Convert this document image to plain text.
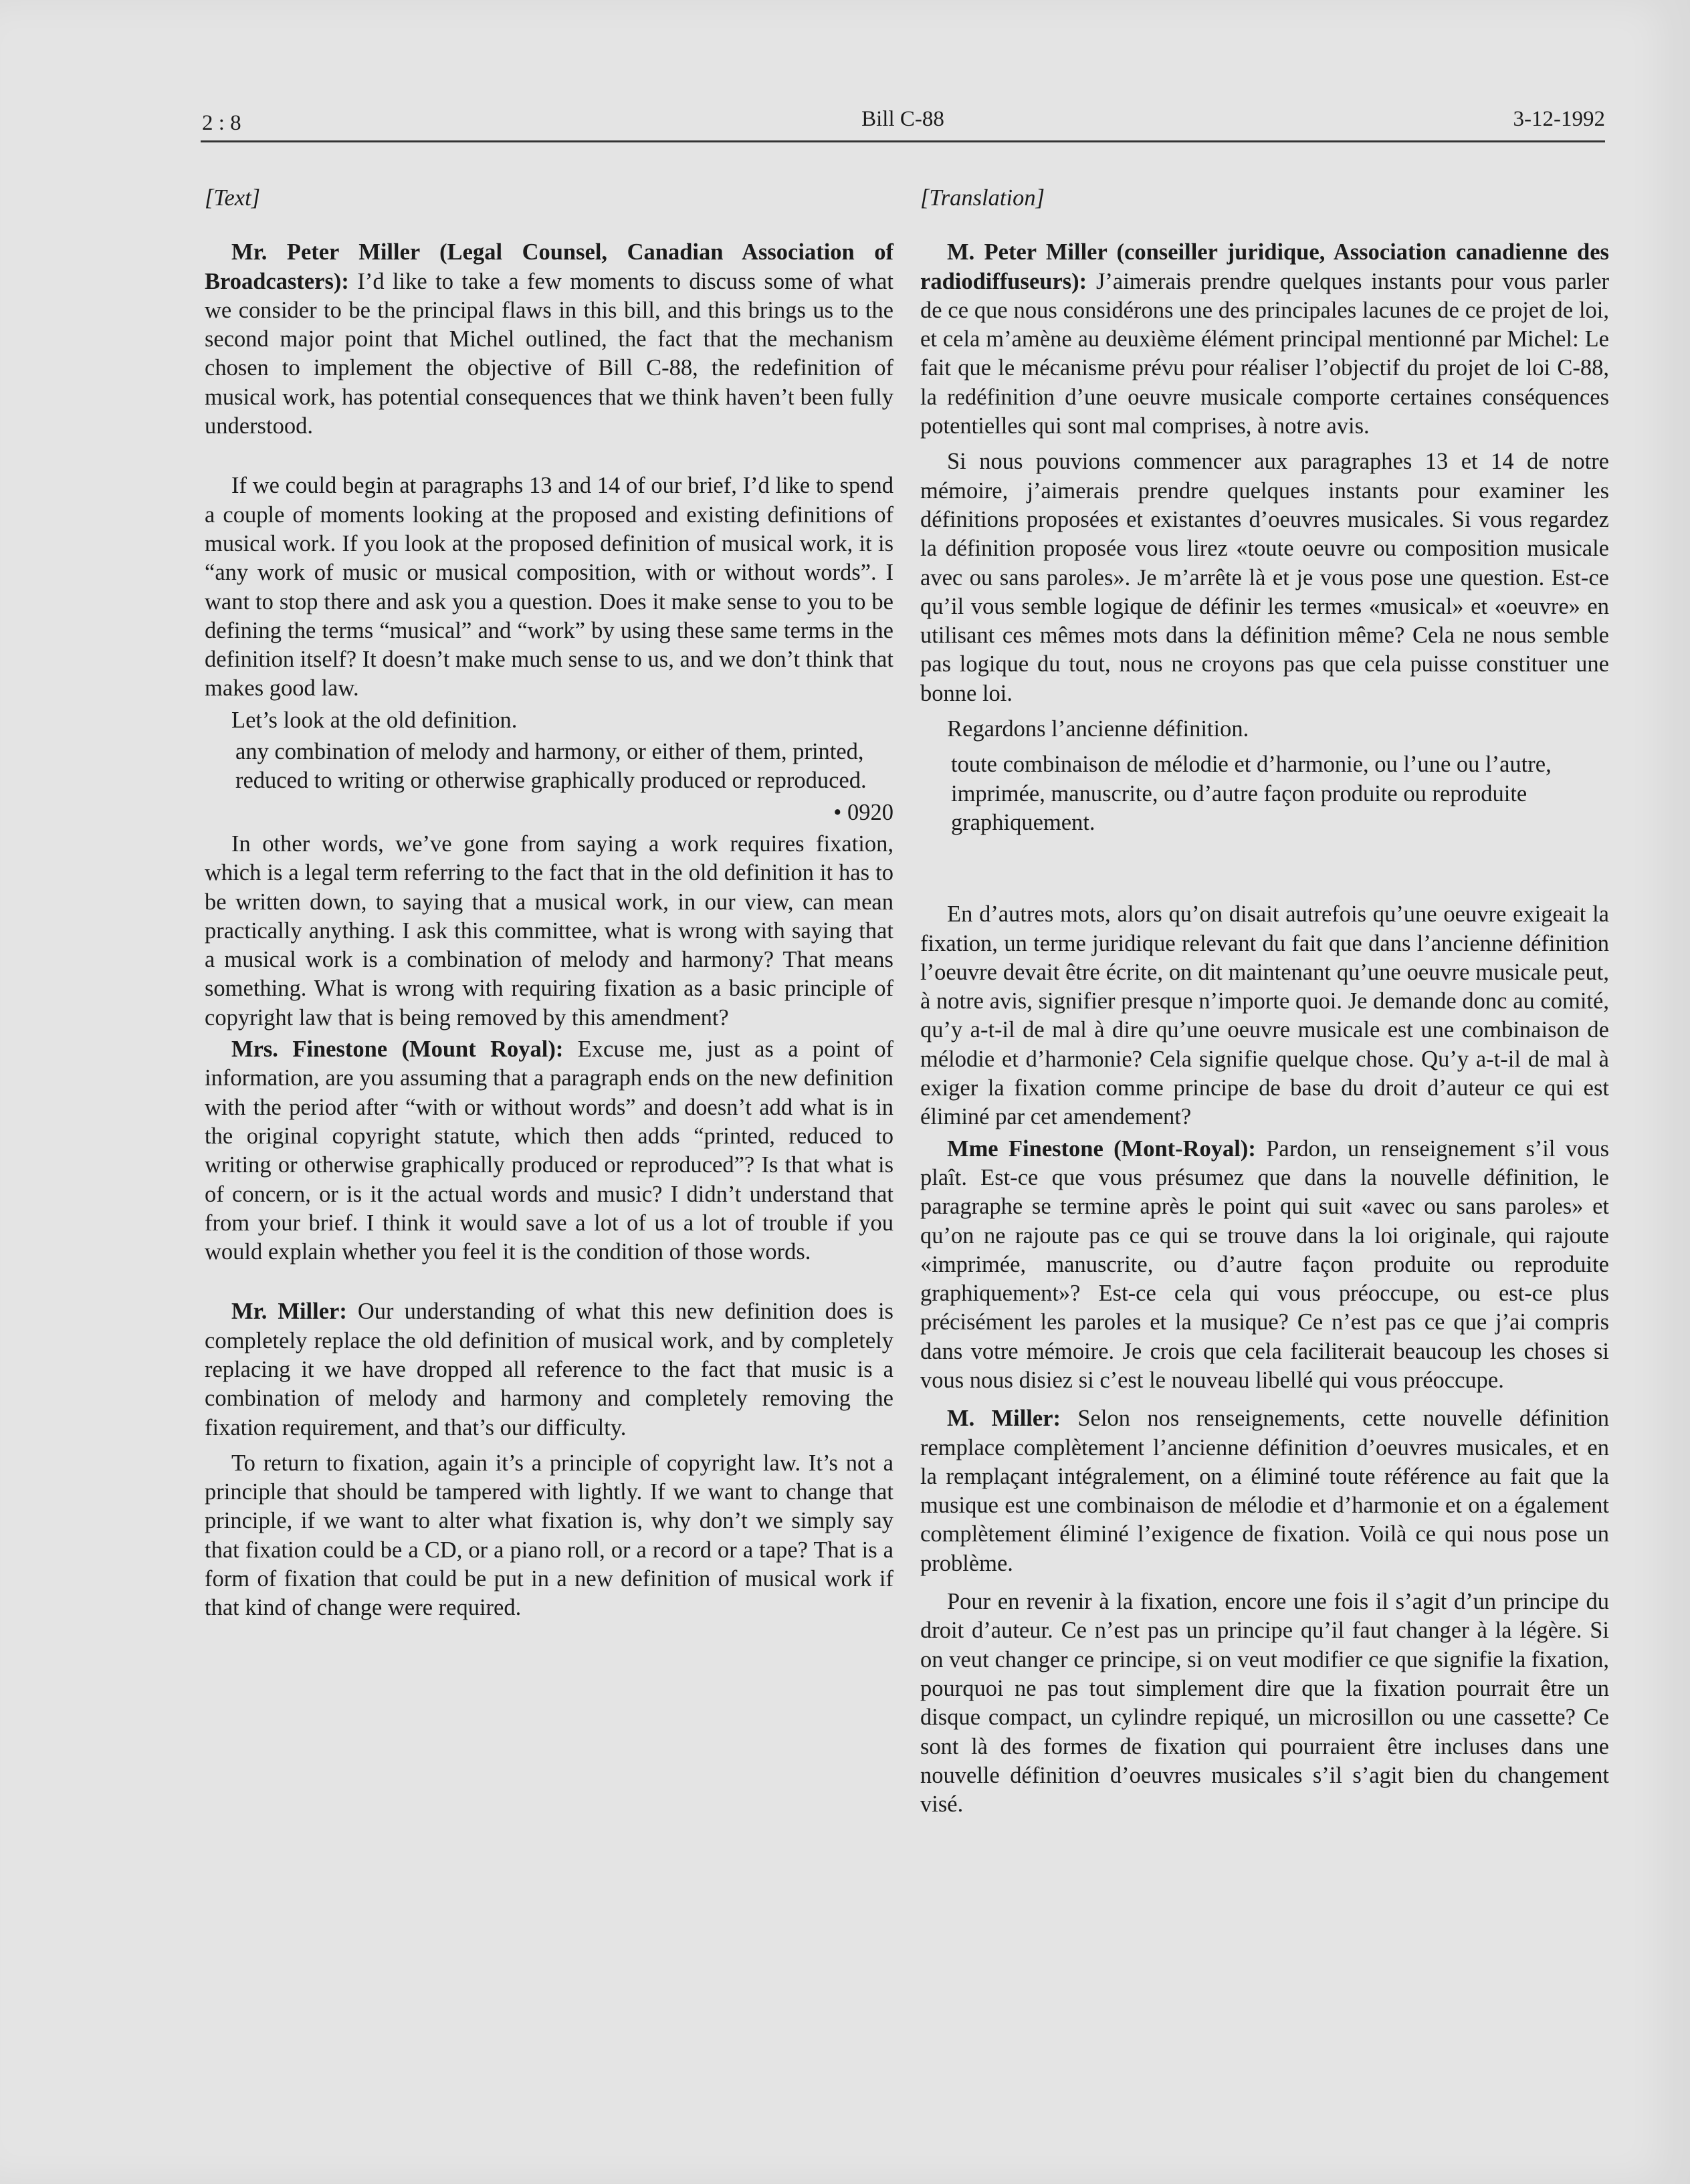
2 : 8	Bill C-88	3-12-1992

[Text]

Mr. Peter Miller (Legal Counsel, Canadian Association of Broadcasters): I’d like to take a few moments to discuss some of what we consider to be the principal flaws in this bill, and this brings us to the second major point that Michel outlined, the fact that the mechanism chosen to implement the objective of Bill C-88, the redefinition of musical work, has potential consequences that we think haven’t been fully understood.

If we could begin at paragraphs 13 and 14 of our brief, I’d like to spend a couple of moments looking at the proposed and existing definitions of musical work. If you look at the proposed definition of musical work, it is “any work of music or musical composition, with or without words”. I want to stop there and ask you a question. Does it make sense to you to be defining the terms “musical” and “work” by using these same terms in the definition itself? It doesn’t make much sense to us, and we don’t think that makes good law.

Let’s look at the old definition.

any combination of melody and harmony, or either of them, printed, reduced to writing or otherwise graphically produced or reproduced.

• 0920

In other words, we’ve gone from saying a work requires fixation, which is a legal term referring to the fact that in the old definition it has to be written down, to saying that a musical work, in our view, can mean practically anything. I ask this committee, what is wrong with saying that a musical work is a combination of melody and harmony? That means something. What is wrong with requiring fixation as a basic principle of copyright law that is being removed by this amendment?

Mrs. Finestone (Mount Royal): Excuse me, just as a point of information, are you assuming that a paragraph ends on the new definition with the period after “with or without words” and doesn’t add what is in the original copyright statute, which then adds “printed, reduced to writing or otherwise graphically produced or reproduced”? Is that what is of concern, or is it the actual words and music? I didn’t understand that from your brief. I think it would save a lot of us a lot of trouble if you would explain whether you feel it is the condition of those words.

Mr. Miller: Our understanding of what this new definition does is completely replace the old definition of musical work, and by completely replacing it we have dropped all reference to the fact that music is a combination of melody and harmony and completely removing the fixation requirement, and that’s our difficulty.

To return to fixation, again it’s a principle of copyright law. It’s not a principle that should be tampered with lightly. If we want to change that principle, if we want to alter what fixation is, why don’t we simply say that fixation could be a CD, or a piano roll, or a record or a tape? That is a form of fixation that could be put in a new definition of musical work if that kind of change were required.

[Translation]

M. Peter Miller (conseiller juridique, Association canadienne des radiodiffuseurs): J’aimerais prendre quelques instants pour vous parler de ce que nous considérons une des principales lacunes de ce projet de loi, et cela m’amène au deuxième élément principal mentionné par Michel: Le fait que le mécanisme prévu pour réaliser l’objectif du projet de loi C-88, la redéfinition d’une oeuvre musicale comporte certaines conséquences potentielles qui sont mal comprises, à notre avis.

Si nous pouvions commencer aux paragraphes 13 et 14 de notre mémoire, j’aimerais prendre quelques instants pour examiner les définitions proposées et existantes d’oeuvres musicales. Si vous regardez la définition proposée vous lirez «toute oeuvre ou composition musicale avec ou sans paroles». Je m’arrête là et je vous pose une question. Est-ce qu’il vous semble logique de définir les termes «musical» et «oeuvre» en utilisant ces mêmes mots dans la définition même? Cela ne nous semble pas logique du tout, nous ne croyons pas que cela puisse constituer une bonne loi.

Regardons l’ancienne définition.

toute combinaison de mélodie et d’harmonie, ou l’une ou l’autre, imprimée, manuscrite, ou d’autre façon produite ou reproduite graphiquement.

En d’autres mots, alors qu’on disait autrefois qu’une oeuvre exigeait la fixation, un terme juridique relevant du fait que dans l’ancienne définition l’oeuvre devait être écrite, on dit maintenant qu’une oeuvre musicale peut, à notre avis, signifier presque n’importe quoi. Je demande donc au comité, qu’y a-t-il de mal à dire qu’une oeuvre musicale est une combinaison de mélodie et d’harmonie? Cela signifie quelque chose. Qu’y a-t-il de mal à exiger la fixation comme principe de base du droit d’auteur ce qui est éliminé par cet amendement?

Mme Finestone (Mont-Royal): Pardon, un renseignement s’il vous plaît. Est-ce que vous présumez que dans la nouvelle définition, le paragraphe se termine après le point qui suit «avec ou sans paroles» et qu’on ne rajoute pas ce qui se trouve dans la loi originale, qui rajoute «imprimée, manuscrite, ou d’autre façon produite ou reproduite graphiquement»? Est-ce cela qui vous préoccupe, ou est-ce plus précisément les paroles et la musique? Ce n’est pas ce que j’ai compris dans votre mémoire. Je crois que cela faciliterait beaucoup les choses si vous nous disiez si c’est le nouveau libellé qui vous préoccupe.

M. Miller: Selon nos renseignements, cette nouvelle définition remplace complètement l’ancienne définition d’oeuvres musicales, et en la remplaçant intégralement, on a éliminé toute référence au fait que la musique est une combinaison de mélodie et d’harmonie et on a également complètement éliminé l’exigence de fixation. Voilà ce qui nous pose un problème.

Pour en revenir à la fixation, encore une fois il s’agit d’un principe du droit d’auteur. Ce n’est pas un principe qu’il faut changer à la légère. Si on veut changer ce principe, si on veut modifier ce que signifie la fixation, pourquoi ne pas tout simplement dire que la fixation pourrait être un disque compact, un cylindre repiqué, un microsillon ou une cassette? Ce sont là des formes de fixation qui pourraient être incluses dans une nouvelle définition d’oeuvres musicales s’il s’agit bien du changement visé.
